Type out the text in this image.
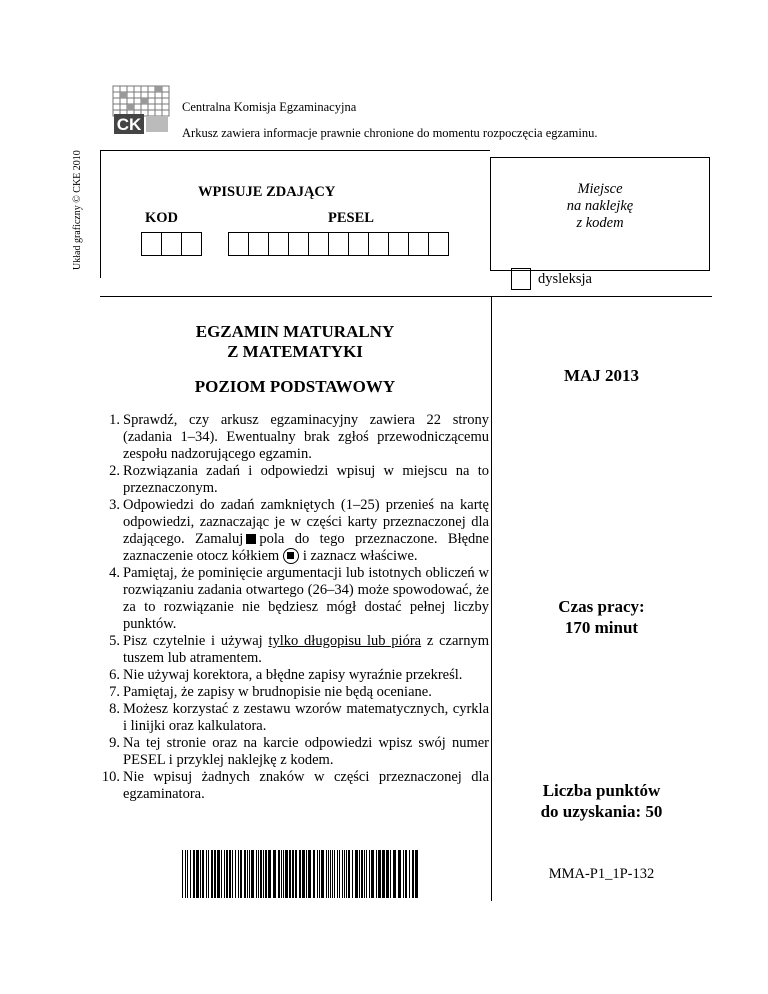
CK
Centralna Komisja Egzaminacyjna
Arkusz zawiera informacje prawnie chronione do momentu rozpoczęcia egzaminu.
Układ graficzny © CKE 2010	WPISUJE ZDAJĄCY
KOD	PESEL
Miejsce
na naklejkę
z kodem
dysleksja
EGZAMIN MATURALNY
Z MATEMATYKI
POZIOM PODSTAWOWY
MAJ 2013
Czas pracy:
170 minut
Liczba punktów
do uzyskania: 50
MMA-P1_1P-132
1. Sprawdź, czy arkusz egzaminacyjny zawiera 22 strony (zadania 1–34). Ewentualny brak zgłoś przewodniczącemu zespołu nadzorującego egzamin.
2. Rozwiązania zadań i odpowiedzi wpisuj w miejscu na to przeznaczonym.
3. Odpowiedzi do zadań zamkniętych (1–25) przenieś na kartę odpowiedzi, zaznaczając je w części karty przeznaczonej dla zdającego. Zamaluj pola do tego przeznaczone. Błędne zaznaczenie otocz kółkiem i zaznacz właściwe.
4. Pamiętaj, że pominięcie argumentacji lub istotnych obliczeń w rozwiązaniu zadania otwartego (26–34) może spowodować, że za to rozwiązanie nie będziesz mógł dostać pełnej liczby punktów.
5. Pisz czytelnie i używaj tylko długopisu lub pióra z czarnym tuszem lub atramentem.
6. Nie używaj korektora, a błędne zapisy wyraźnie przekreśl.
7. Pamiętaj, że zapisy w brudnopisie nie będą oceniane.
8. Możesz korzystać z zestawu wzorów matematycznych, cyrkla i linijki oraz kalkulatora.
9. Na tej stronie oraz na karcie odpowiedzi wpisz swój numer PESEL i przyklej naklejkę z kodem.
10. Nie wpisuj żadnych znaków w części przeznaczonej dla egzaminatora.
